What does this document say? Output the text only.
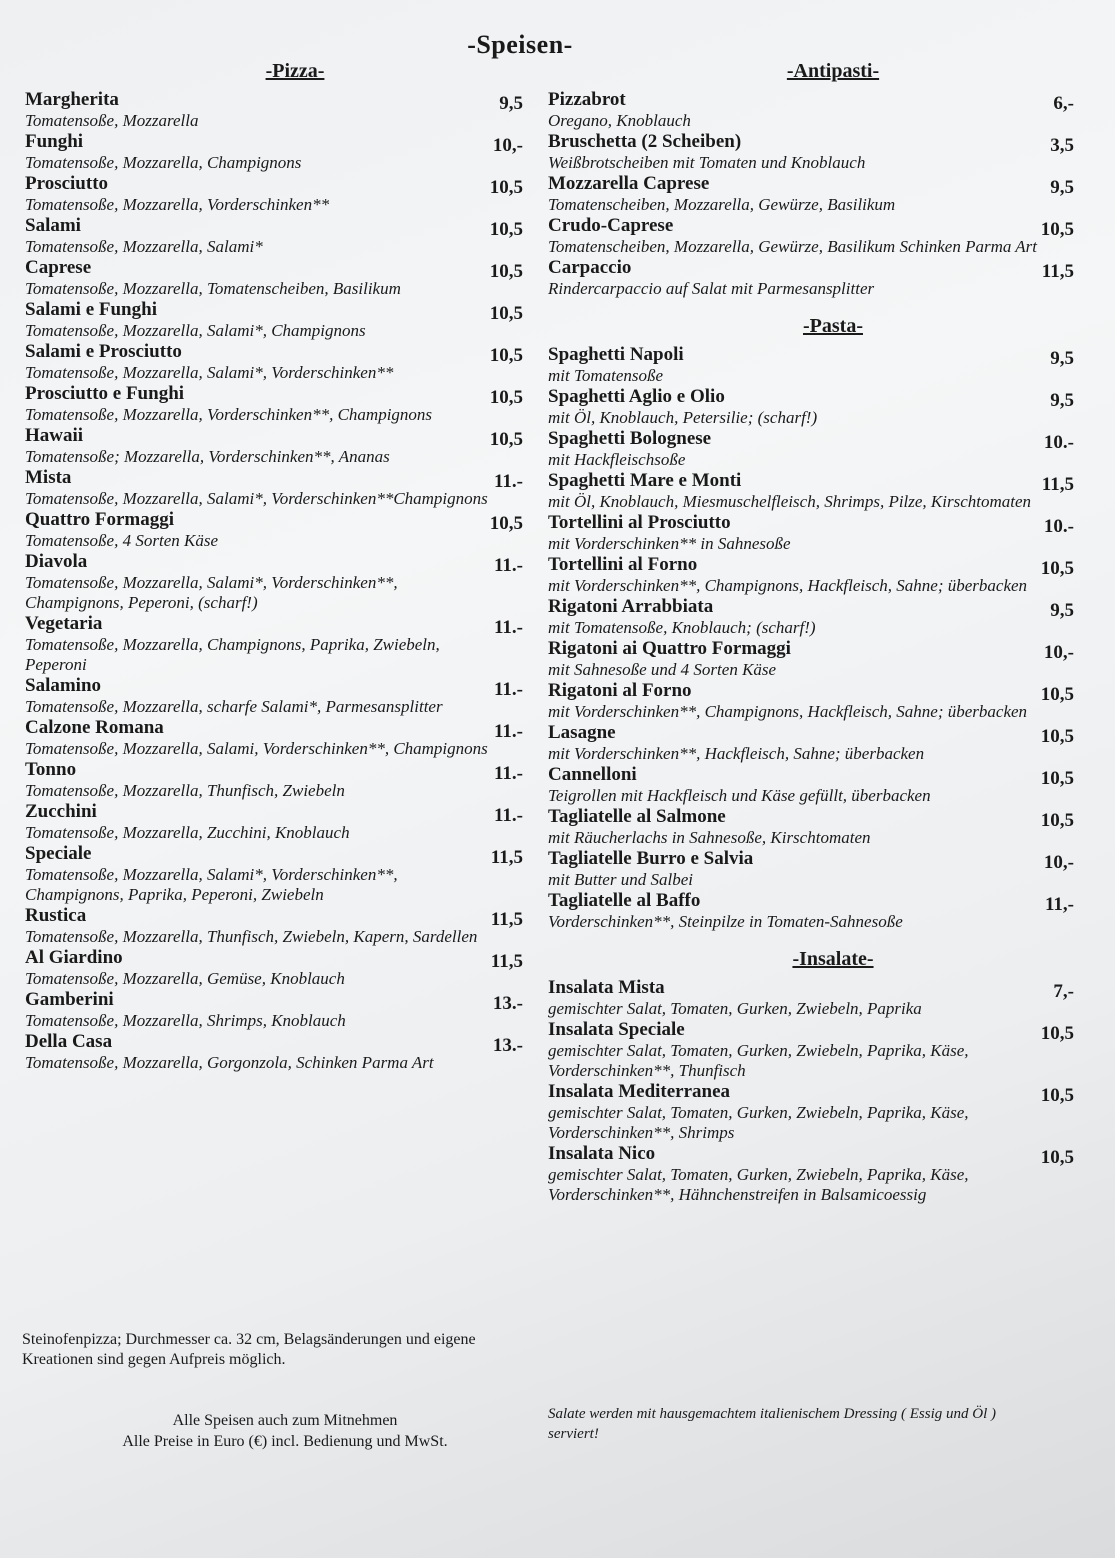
-Speisen-
-Pizza-
Margherita	9,5
Tomatensoße, Mozzarella
Funghi	10,-
Tomatensoße, Mozzarella, Champignons
Prosciutto	10,5
Tomatensoße, Mozzarella, Vorderschinken**
Salami	10,5
Tomatensoße, Mozzarella, Salami*
Caprese	10,5
Tomatensoße, Mozzarella, Tomatenscheiben, Basilikum
Salami e Funghi	10,5
Tomatensoße, Mozzarella, Salami*, Champignons
Salami e Prosciutto	10,5
Tomatensoße, Mozzarella, Salami*, Vorderschinken**
Prosciutto e Funghi	10,5
Tomatensoße, Mozzarella, Vorderschinken**, Champignons
Hawaii	10,5
Tomatensoße; Mozzarella, Vorderschinken**, Ananas
Mista	11.-
Tomatensoße, Mozzarella, Salami*, Vorderschinken**Champignons
Quattro Formaggi	10,5
Tomatensoße, 4 Sorten Käse
Diavola	11.-
Tomatensoße, Mozzarella, Salami*, Vorderschinken**, Champignons, Peperoni, (scharf!)
Vegetaria	11.-
Tomatensoße, Mozzarella, Champignons, Paprika, Zwiebeln, Peperoni
Salamino	11.-
Tomatensoße, Mozzarella, scharfe Salami*, Parmesansplitter
Calzone Romana	11.-
Tomatensoße, Mozzarella, Salami, Vorderschinken**, Champignons
Tonno	11.-
Tomatensoße, Mozzarella, Thunfisch, Zwiebeln
Zucchini	11.-
Tomatensoße, Mozzarella, Zucchini, Knoblauch
Speciale	11,5
Tomatensoße, Mozzarella, Salami*, Vorderschinken**, Champignons, Paprika, Peperoni, Zwiebeln
Rustica	11,5
Tomatensoße, Mozzarella, Thunfisch, Zwiebeln, Kapern, Sardellen
Al Giardino	11,5
Tomatensoße, Mozzarella, Gemüse, Knoblauch
Gamberini	13.-
Tomatensoße, Mozzarella, Shrimps, Knoblauch
Della Casa	13.-
Tomatensoße, Mozzarella, Gorgonzola, Schinken Parma Art
-Antipasti-
Pizzabrot	6,-
Oregano, Knoblauch
Bruschetta (2 Scheiben)	3,5
Weißbrotscheiben mit Tomaten und Knoblauch
Mozzarella Caprese	9,5
Tomatenscheiben, Mozzarella, Gewürze, Basilikum
Crudo-Caprese	10,5
Tomatenscheiben, Mozzarella, Gewürze, Basilikum Schinken Parma Art
Carpaccio	11,5
Rindercarpaccio auf Salat mit Parmesansplitter
-Pasta-
Spaghetti Napoli	9,5
mit Tomatensoße
Spaghetti Aglio e Olio	9,5
mit Öl, Knoblauch, Petersilie; (scharf!)
Spaghetti Bolognese	10.-
mit Hackfleischsoße
Spaghetti Mare e Monti	11,5
mit Öl, Knoblauch, Miesmuschelfleisch, Shrimps, Pilze, Kirschtomaten
Tortellini al Prosciutto	10.-
mit Vorderschinken** in Sahnesoße
Tortellini al Forno	10,5
mit Vorderschinken**, Champignons, Hackfleisch, Sahne; überbacken
Rigatoni Arrabbiata	9,5
mit Tomatensoße, Knoblauch; (scharf!)
Rigatoni ai Quattro Formaggi	10,-
mit Sahnesoße und 4 Sorten Käse
Rigatoni al Forno	10,5
mit Vorderschinken**, Champignons, Hackfleisch, Sahne; überbacken
Lasagne	10,5
mit Vorderschinken**, Hackfleisch, Sahne; überbacken
Cannelloni	10,5
Teigrollen mit Hackfleisch und Käse gefüllt, überbacken
Tagliatelle al Salmone	10,5
mit Räucherlachs in Sahnesoße, Kirschtomaten
Tagliatelle Burro e Salvia	10,-
mit Butter und Salbei
Tagliatelle al Baffo	11,-
Vorderschinken**, Steinpilze in Tomaten-Sahnesoße
-Insalate-
Insalata Mista	7,-
gemischter Salat, Tomaten, Gurken, Zwiebeln, Paprika
Insalata Speciale	10,5
gemischter Salat, Tomaten, Gurken, Zwiebeln, Paprika, Käse, Vorderschinken**, Thunfisch
Insalata Mediterranea	10,5
gemischter Salat, Tomaten, Gurken, Zwiebeln, Paprika, Käse, Vorderschinken**, Shrimps
Insalata Nico	10,5
gemischter Salat, Tomaten, Gurken, Zwiebeln, Paprika, Käse, Vorderschinken**, Hähnchenstreifen in Balsamicoessig
Steinofenpizza; Durchmesser ca. 32 cm, Belagsänderungen und eigene Kreationen sind gegen Aufpreis möglich.
Alle Speisen auch zum Mitnehmen
Alle Preise in Euro (€) incl. Bedienung und MwSt.
Salate werden mit hausgemachtem italienischem Dressing ( Essig und Öl ) serviert!
